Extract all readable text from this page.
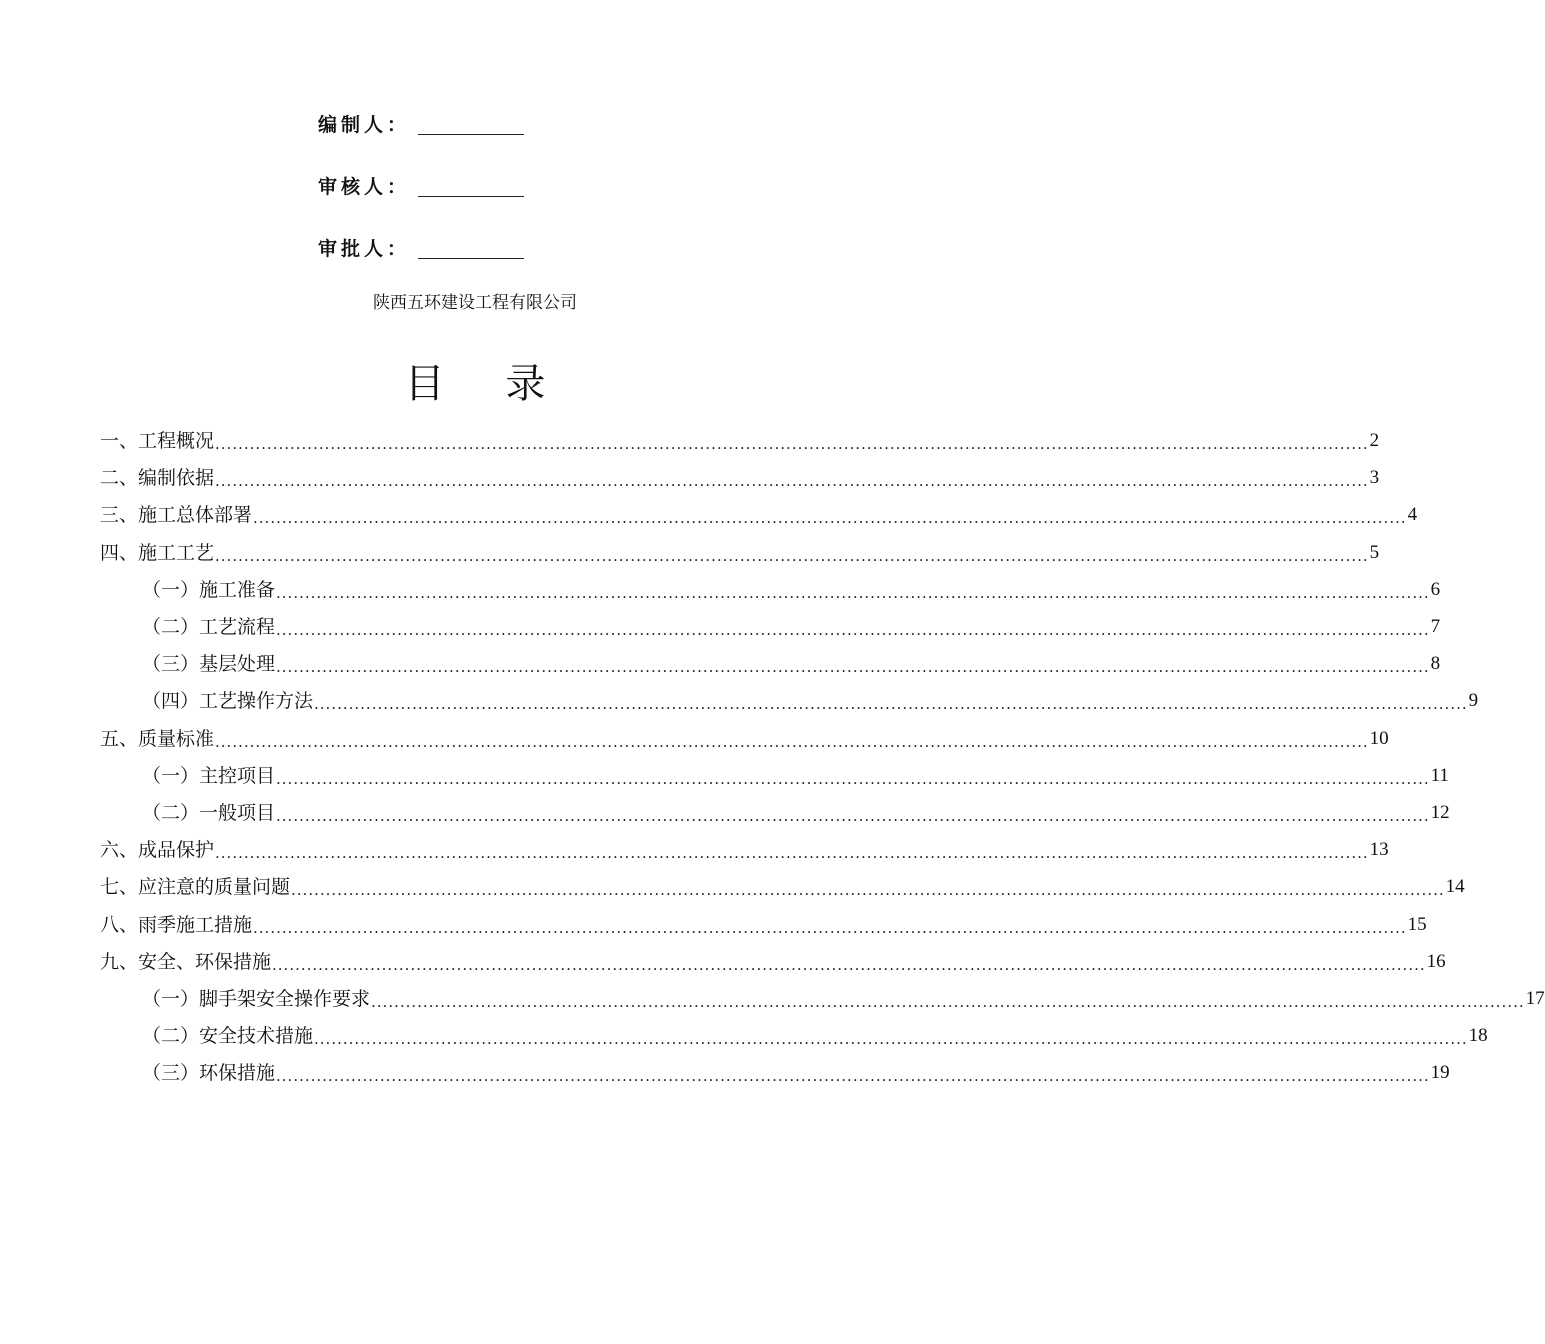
编制人：
审核人：
审批人：
陕西五环建设工程有限公司
目 录
一、工程概况 ........................................................................................................................................................................................................ 2
二、编制依据 ........................................................................................................................................................................................................ 3
三、施工总体部署 ........................................................................................................................................................................................................ 4
四、施工工艺 ........................................................................................................................................................................................................ 5
（一）施工准备 ........................................................................................................................................................................................................ 6
（二）工艺流程 ........................................................................................................................................................................................................ 7
（三）基层处理 ........................................................................................................................................................................................................ 8
（四）工艺操作方法 ........................................................................................................................................................................................................ 9
五、质量标准 ........................................................................................................................................................................................................ 10
（一）主控项目 ........................................................................................................................................................................................................ 11
（二）一般项目 ........................................................................................................................................................................................................ 12
六、成品保护 ........................................................................................................................................................................................................ 13
七、应注意的质量问题 ........................................................................................................................................................................................................ 14
八、雨季施工措施 ........................................................................................................................................................................................................ 15
九、安全、环保措施 ........................................................................................................................................................................................................ 16
（一）脚手架安全操作要求 ........................................................................................................................................................................................................ 17
（二）安全技术措施 ........................................................................................................................................................................................................ 18
（三）环保措施 ........................................................................................................................................................................................................ 19
